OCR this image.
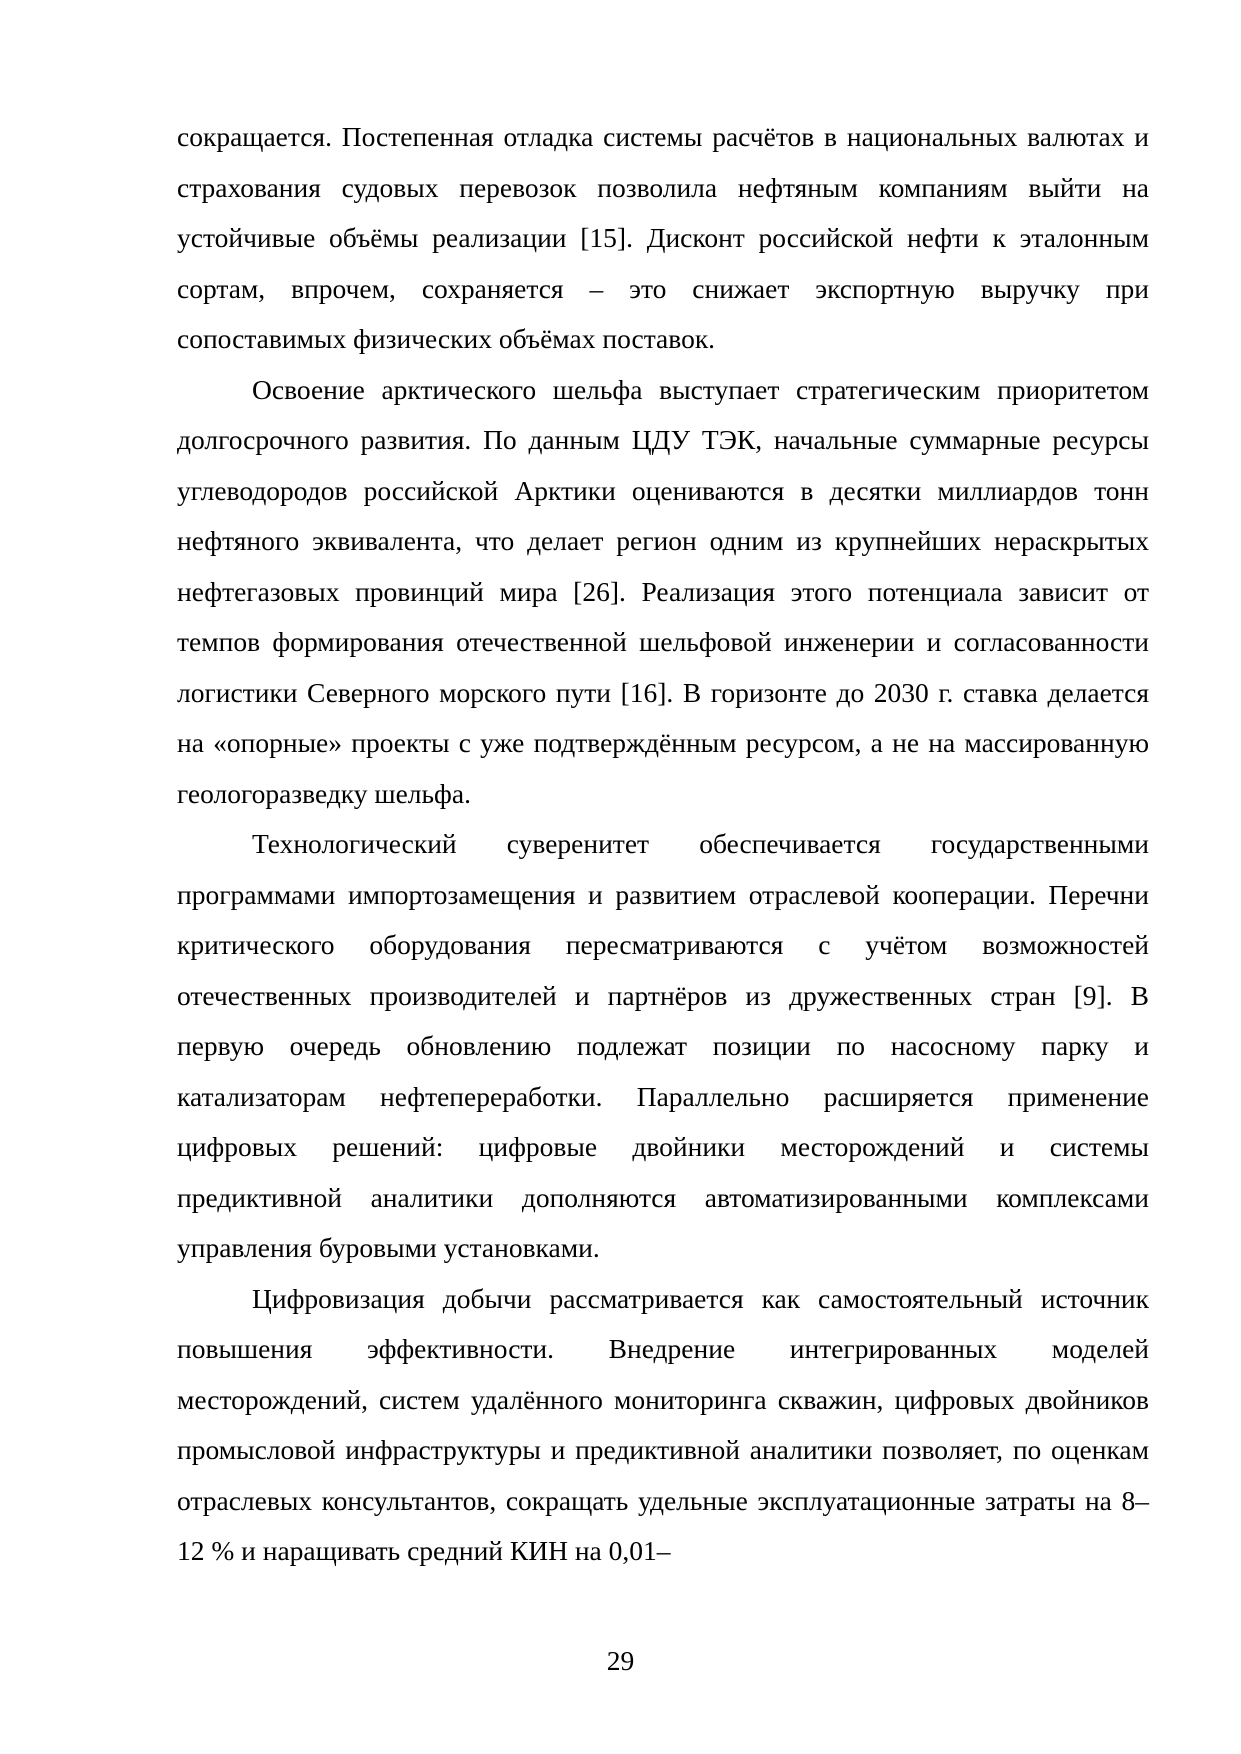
сокращается. Постепенная отладка системы расчётов в национальных валютах и страхования судовых перевозок позволила нефтяным компаниям выйти на устойчивые объёмы реализации [15]. Дисконт российской нефти к эталонным сортам, впрочем, сохраняется – это снижает экспортную выручку при сопоставимых физических объёмах поставок.

Освоение арктического шельфа выступает стратегическим приоритетом долгосрочного развития. По данным ЦДУ ТЭК, начальные суммарные ресурсы углеводородов российской Арктики оцениваются в десятки миллиардов тонн нефтяного эквивалента, что делает регион одним из крупнейших нераскрытых нефтегазовых провинций мира [26]. Реализация этого потенциала зависит от темпов формирования отечественной шельфовой инженерии и согласованности логистики Северного морского пути [16]. В горизонте до 2030 г. ставка делается на «опорные» проекты с уже подтверждённым ресурсом, а не на массированную геологоразведку шельфа.

Технологический суверенитет обеспечивается государственными программами импортозамещения и развитием отраслевой кооперации. Перечни критического оборудования пересматриваются с учётом возможностей отечественных производителей и партнёров из дружественных стран [9]. В первую очередь обновлению подлежат позиции по насосному парку и катализаторам нефтепереработки. Параллельно расширяется применение цифровых решений: цифровые двойники месторождений и системы предиктивной аналитики дополняются автоматизированными комплексами управления буровыми установками.

Цифровизация добычи рассматривается как самостоятельный источник повышения эффективности. Внедрение интегрированных моделей месторождений, систем удалённого мониторинга скважин, цифровых двойников промысловой инфраструктуры и предиктивной аналитики позволяет, по оценкам отраслевых консультантов, сокращать удельные эксплуатационные затраты на 8–12 % и наращивать средний КИН на 0,01–

29
